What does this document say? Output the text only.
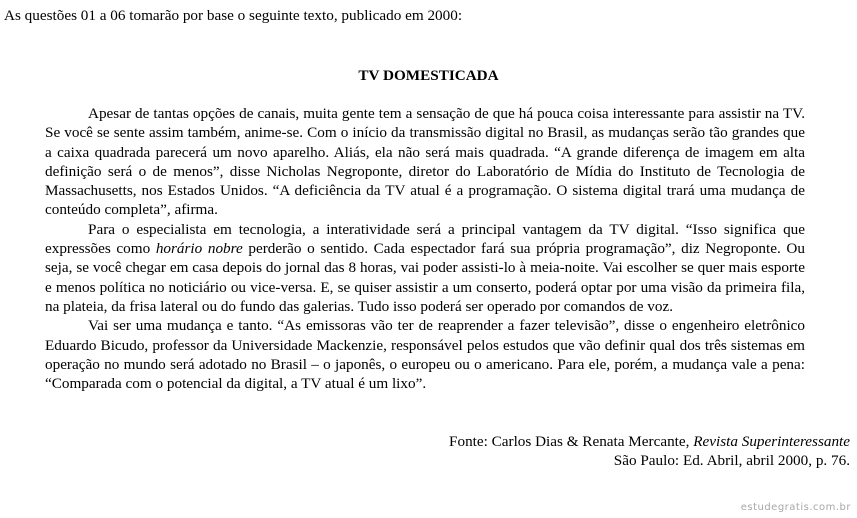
As questões 01 a 06 tomarão por base o seguinte texto, publicado em 2000:
TV DOMESTICADA

Apesar de tantas opções de canais, muita gente tem a sensação de que há pouca coisa interessante para assistir na TV. Se você se sente assim também, anime-se. Com o início da transmissão digital no Brasil, as mudanças serão tão grandes que a caixa quadrada parecerá um novo aparelho. Aliás, ela não será mais quadrada. “A grande diferença de imagem em alta definição será o de menos”, disse Nicholas Negroponte, diretor do Laboratório de Mídia do Instituto de Tecnologia de Massachusetts, nos Estados Unidos. “A deficiência da TV atual é a programação. O sistema digital trará uma mudança de conteúdo completa”, afirma.

Para o especialista em tecnologia, a interatividade será a principal vantagem da TV digital. “Isso significa que expressões como horário nobre perderão o sentido. Cada espectador fará sua própria programação”, diz Negroponte. Ou seja, se você chegar em casa depois do jornal das 8 horas, vai poder assisti-lo à meia-noite. Vai escolher se quer mais esporte e menos política no noticiário ou vice-versa. E, se quiser assistir a um conserto, poderá optar por uma visão da primeira fila, na plateia, da frisa lateral ou do fundo das galerias. Tudo isso poderá ser operado por comandos de voz.

Vai ser uma mudança e tanto. “As emissoras vão ter de reaprender a fazer televisão”, disse o engenheiro eletrônico Eduardo Bicudo, professor da Universidade Mackenzie, responsável pelos estudos que vão definir qual dos três sistemas em operação no mundo será adotado no Brasil – o japonês, o europeu ou o americano. Para ele, porém, a mudança vale a pena: “Comparada com o potencial da digital, a TV atual é um lixo”.

Fonte: Carlos Dias & Renata Mercante, Revista Superinteressante
São Paulo: Ed. Abril, abril 2000, p. 76.
estudegratis.com.br
